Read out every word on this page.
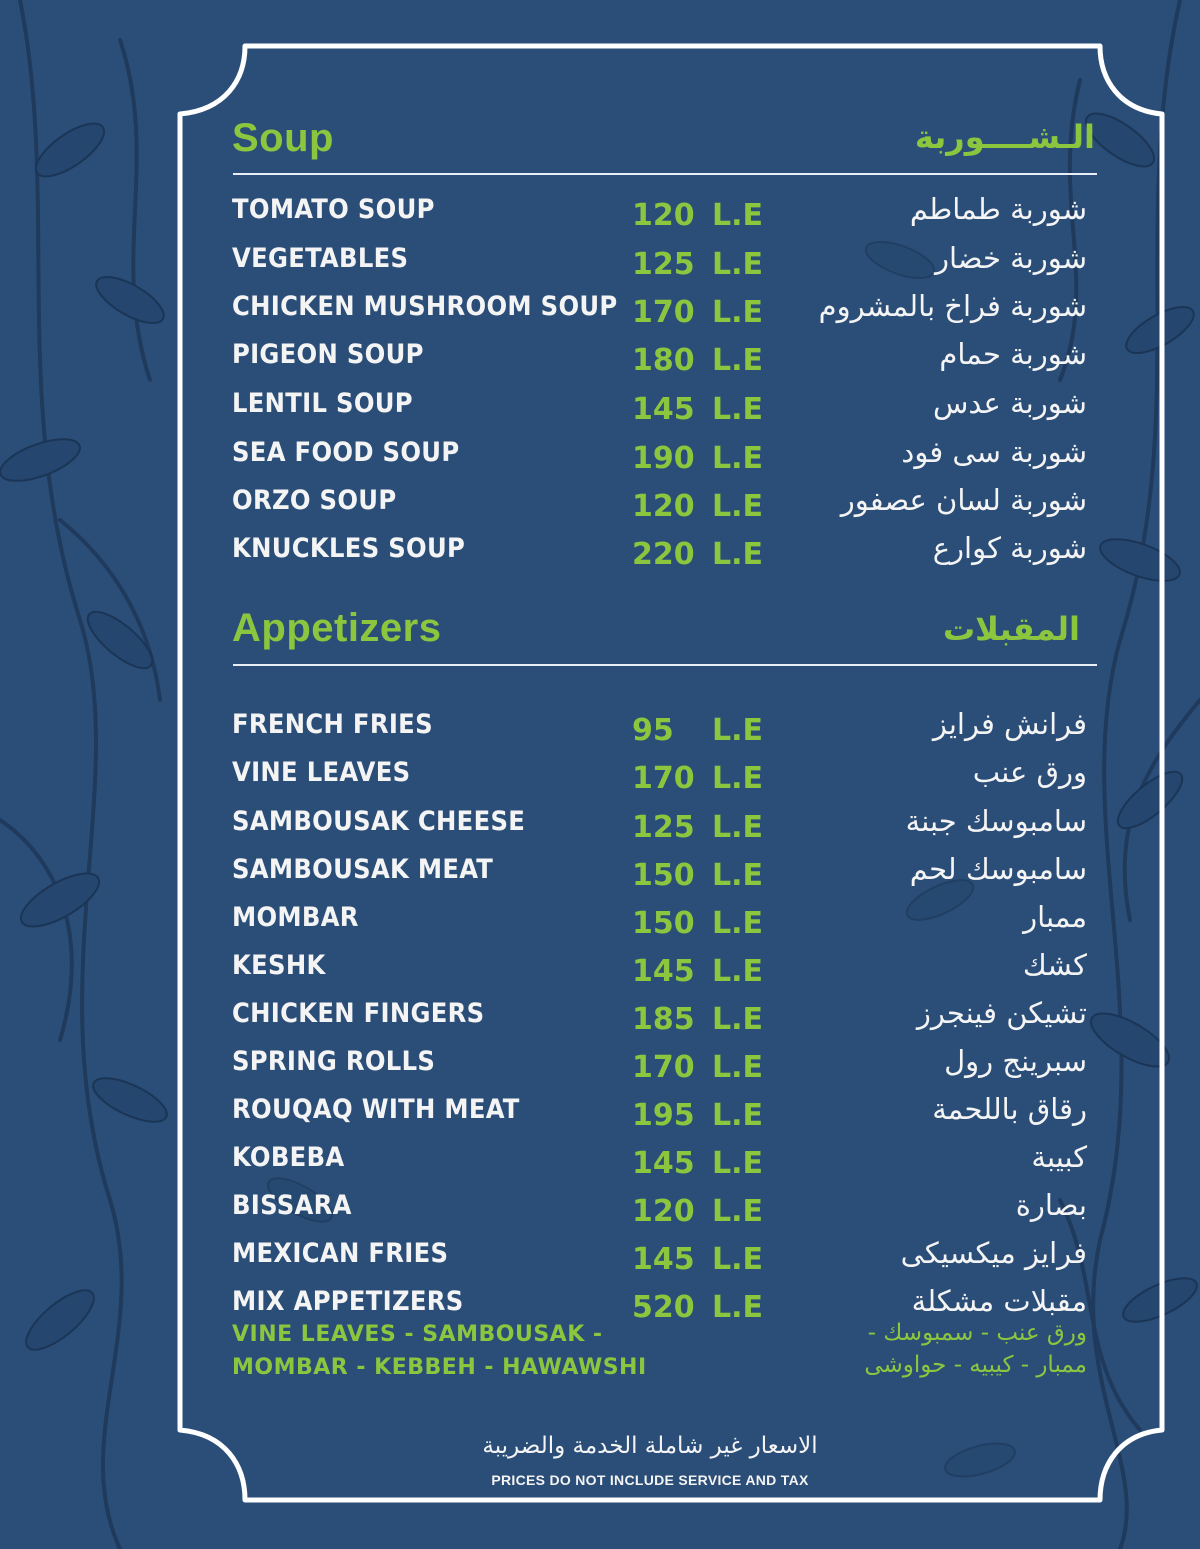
Soup	الـشــــوربة
TOMATO SOUP	120 L.E	شوربة طماطم
VEGETABLES	125 L.E	شوربة خضار
CHICKEN MUSHROOM SOUP 170 L.E شوربة فراخ بالمشروم
PIGEON SOUP	180 L.E	شوربة حمام
LENTIL SOUP	145 L.E	شوربة عدس
SEA FOOD SOUP	190 L.E	شوربة سى فود
ORZO SOUP	120 L.E	شوربة لسان عصفور
KNUCKLES SOUP	220 L.E	شوربة كوارع
Appetizers	المقبلات
FRENCH FRIES	95 L.E	فرانش فرايز
VINE LEAVES	170 L.E	ورق عنب
SAMBOUSAK CHEESE	125 L.E	سامبوسك جبنة
SAMBOUSAK MEAT	150 L.E	سامبوسك لحم
MOMBAR	150 L.E	ممبار
KESHK	145 L.E	كشك
CHICKEN FINGERS	185 L.E	تشيكن فينجرز
SPRING ROLLS	170 L.E	سبرينج رول
ROUQAQ WITH MEAT	195 L.E	رقاق باللحمة
KOBEBA	145 L.E	كبيبة
BISSARA	120 L.E	بصارة
MEXICAN FRIES	145 L.E	فرايز ميكسيكى
MIX APPETIZERS	520 L.E	مقبلات مشكلة
VINE LEAVES - SAMBOUSAK -
MOMBAR - KEBBEH - HAWAWSHI
ورق عنب - سمبوسك -
ممبار - كيبيه - حواوشى
الاسعار غير شاملة الخدمة والضريبة
PRICES DO NOT INCLUDE SERVICE AND TAX
